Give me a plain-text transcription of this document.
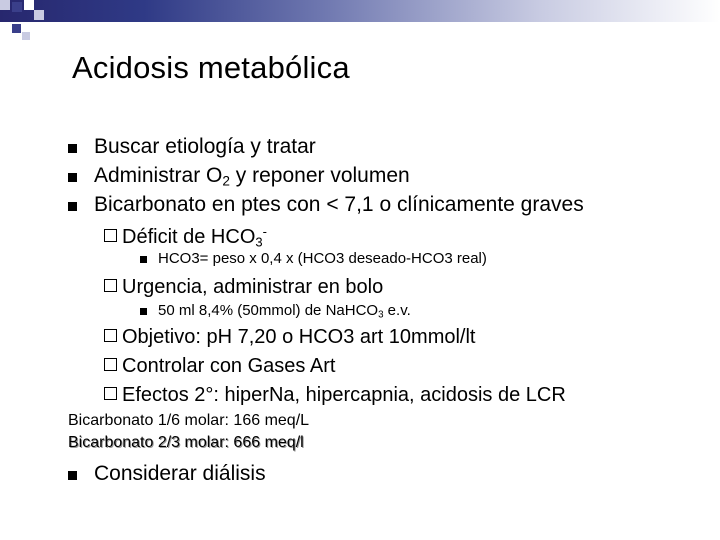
Acidosis metabólica
Buscar etiología y tratar
Administrar $O_2$ y reponer volumen
Bicarbonato en ptes con < 7,1 o clínicamente graves
Déficit de $HCO_3^-$
HCO3= peso x 0,4 x (HCO3 deseado-HCO3 real)
Urgencia, administrar en bolo
50 ml 8,4% (50mmol) de NaHCO$_3$ e.v.
Objetivo: pH 7,20 o HCO3 art 10mmol/lt
Controlar con Gases Art
Efectos 2°: hiperNa, hipercapnia, acidosis de LCR
Bicarbonato 1/6 molar: 166 meq/L
Bicarbonato 2/3 molar: 666 meq/l
Considerar diálisis
